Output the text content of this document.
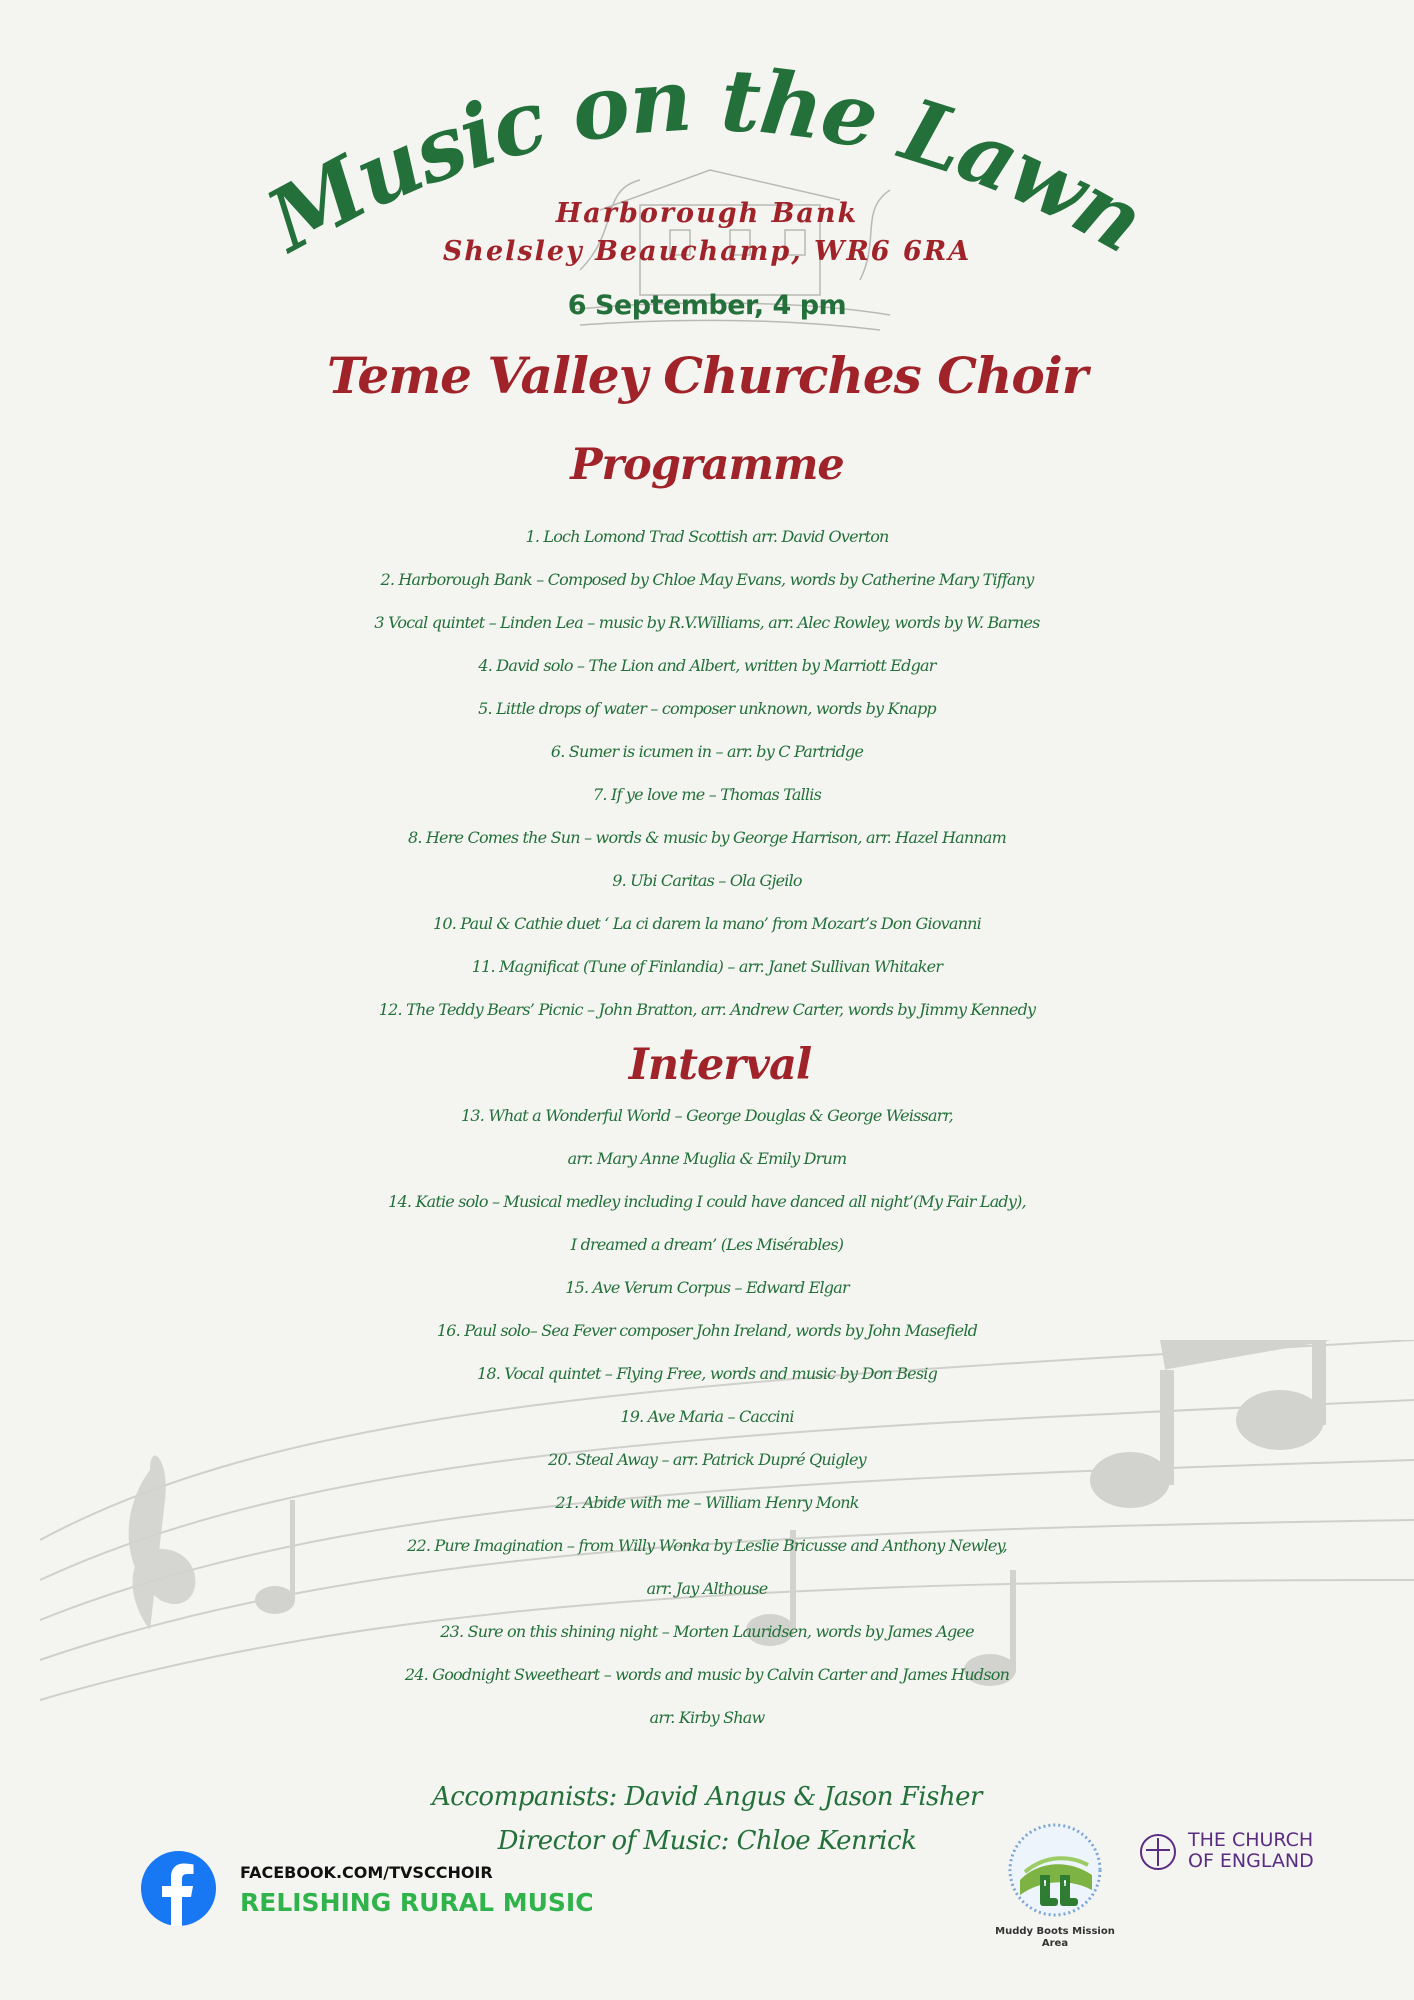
Music on the Lawn
Harborough Bank
Shelsley Beauchamp, WR6 6RA
6 September, 4 pm
Teme Valley Churches Choir
Programme
1. Loch Lomond Trad Scottish arr. David Overton
2. Harborough Bank – Composed by Chloe May Evans, words by Catherine Mary Tiffany
3 Vocal quintet – Linden Lea – music by R.V.Williams, arr. Alec Rowley, words by W. Barnes
4. David solo – The Lion and Albert, written by Marriott Edgar
5. Little drops of water – composer unknown, words by Knapp
6. Sumer is icumen in – arr. by C Partridge
7. If ye love me – Thomas Tallis
8. Here Comes the Sun – words & music by George Harrison, arr. Hazel Hannam
9. Ubi Caritas – Ola Gjeilo
10. Paul & Cathie duet ‘ La ci darem la mano’ from Mozart’s Don Giovanni
11. Magnificat (Tune of Finlandia) – arr. Janet Sullivan Whitaker
12. The Teddy Bears’ Picnic – John Bratton, arr. Andrew Carter, words by Jimmy Kennedy
Interval
13. What a Wonderful World – George Douglas & George Weissarr,
arr. Mary Anne Muglia & Emily Drum
14. Katie solo – Musical medley including I could have danced all night’(My Fair Lady),
I dreamed a dream’ (Les Misérables)
15. Ave Verum Corpus – Edward Elgar
16. Paul solo– Sea Fever composer John Ireland, words by John Masefield
18. Vocal quintet – Flying Free, words and music by Don Besig
19. Ave Maria – Caccini
20. Steal Away – arr. Patrick Dupré Quigley
21. Abide with me – William Henry Monk
22. Pure Imagination – from Willy Wonka by Leslie Bricusse and Anthony Newley,
arr. Jay Althouse
23. Sure on this shining night – Morten Lauridsen, words by James Agee
24. Goodnight Sweetheart – words and music by Calvin Carter and James Hudson
arr. Kirby Shaw
Accompanists: David Angus & Jason Fisher
Director of Music: Chloe Kenrick
FACEBOOK.COM/TVSCCHOIR
RELISHING RURAL MUSIC
Muddy Boots Mission Area
THE CHURCH
OF ENGLAND
